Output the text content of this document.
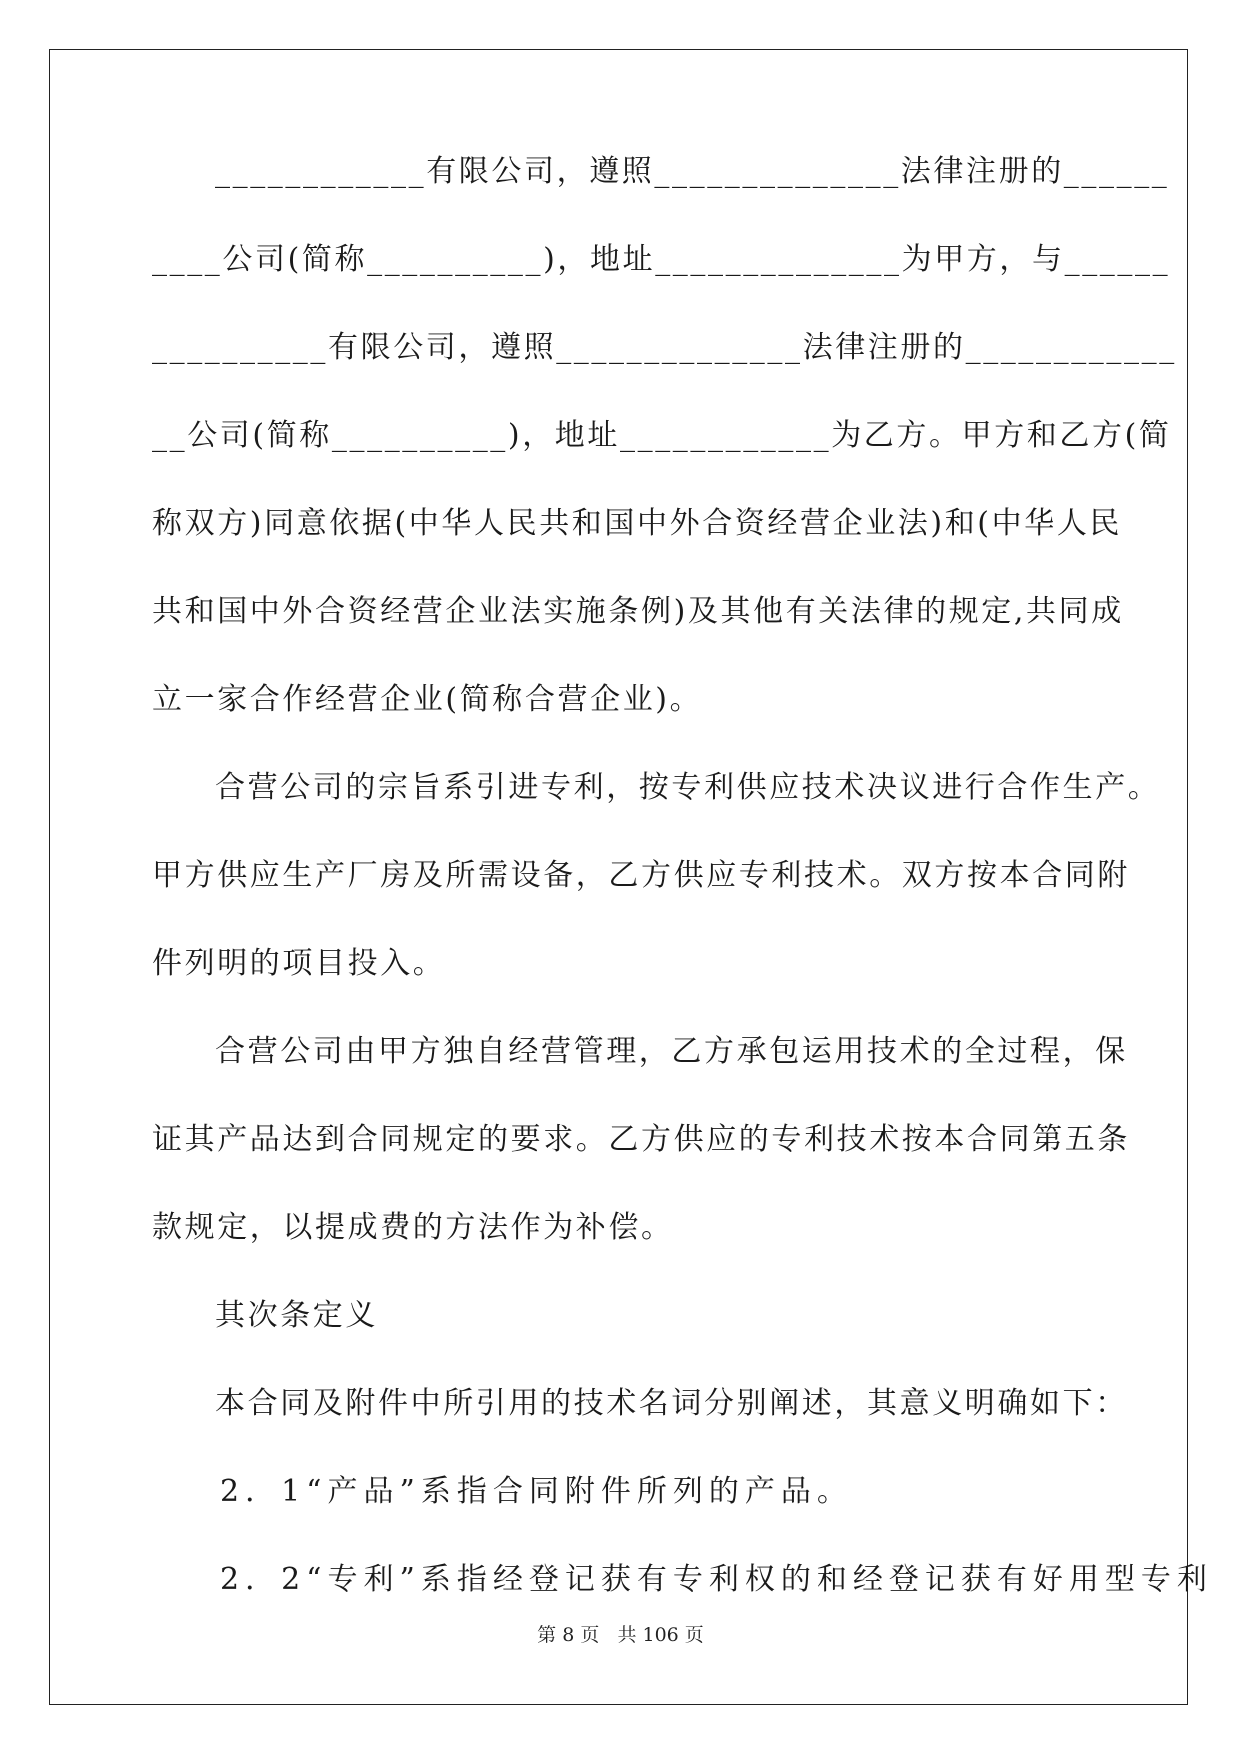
____________有限公司，遵照______________法律注册的______
____公司(简称__________)，地址______________为甲方，与______
__________有限公司，遵照______________法律注册的____________
__公司(简称__________)，地址____________为乙方。甲方和乙方(简
称双方)同意依据(中华人民共和国中外合资经营企业法)和(中华人民
共和国中外合资经营企业法实施条例)及其他有关法律的规定,共同成
立一家合作经营企业(简称合营企业)。
合营公司的宗旨系引进专利，按专利供应技术决议进行合作生产。
甲方供应生产厂房及所需设备，乙方供应专利技术。双方按本合同附
件列明的项目投入。
合营公司由甲方独自经营管理，乙方承包运用技术的全过程，保
证其产品达到合同规定的要求。乙方供应的专利技术按本合同第五条
款规定，以提成费的方法作为补偿。
其次条定义
本合同及附件中所引用的技术名词分别阐述，其意义明确如下：
2．1“产品”系指合同附件所列的产品。
2．2“专利”系指经登记获有专利权的和经登记获有好用型专利
第 8 页   共 106 页
